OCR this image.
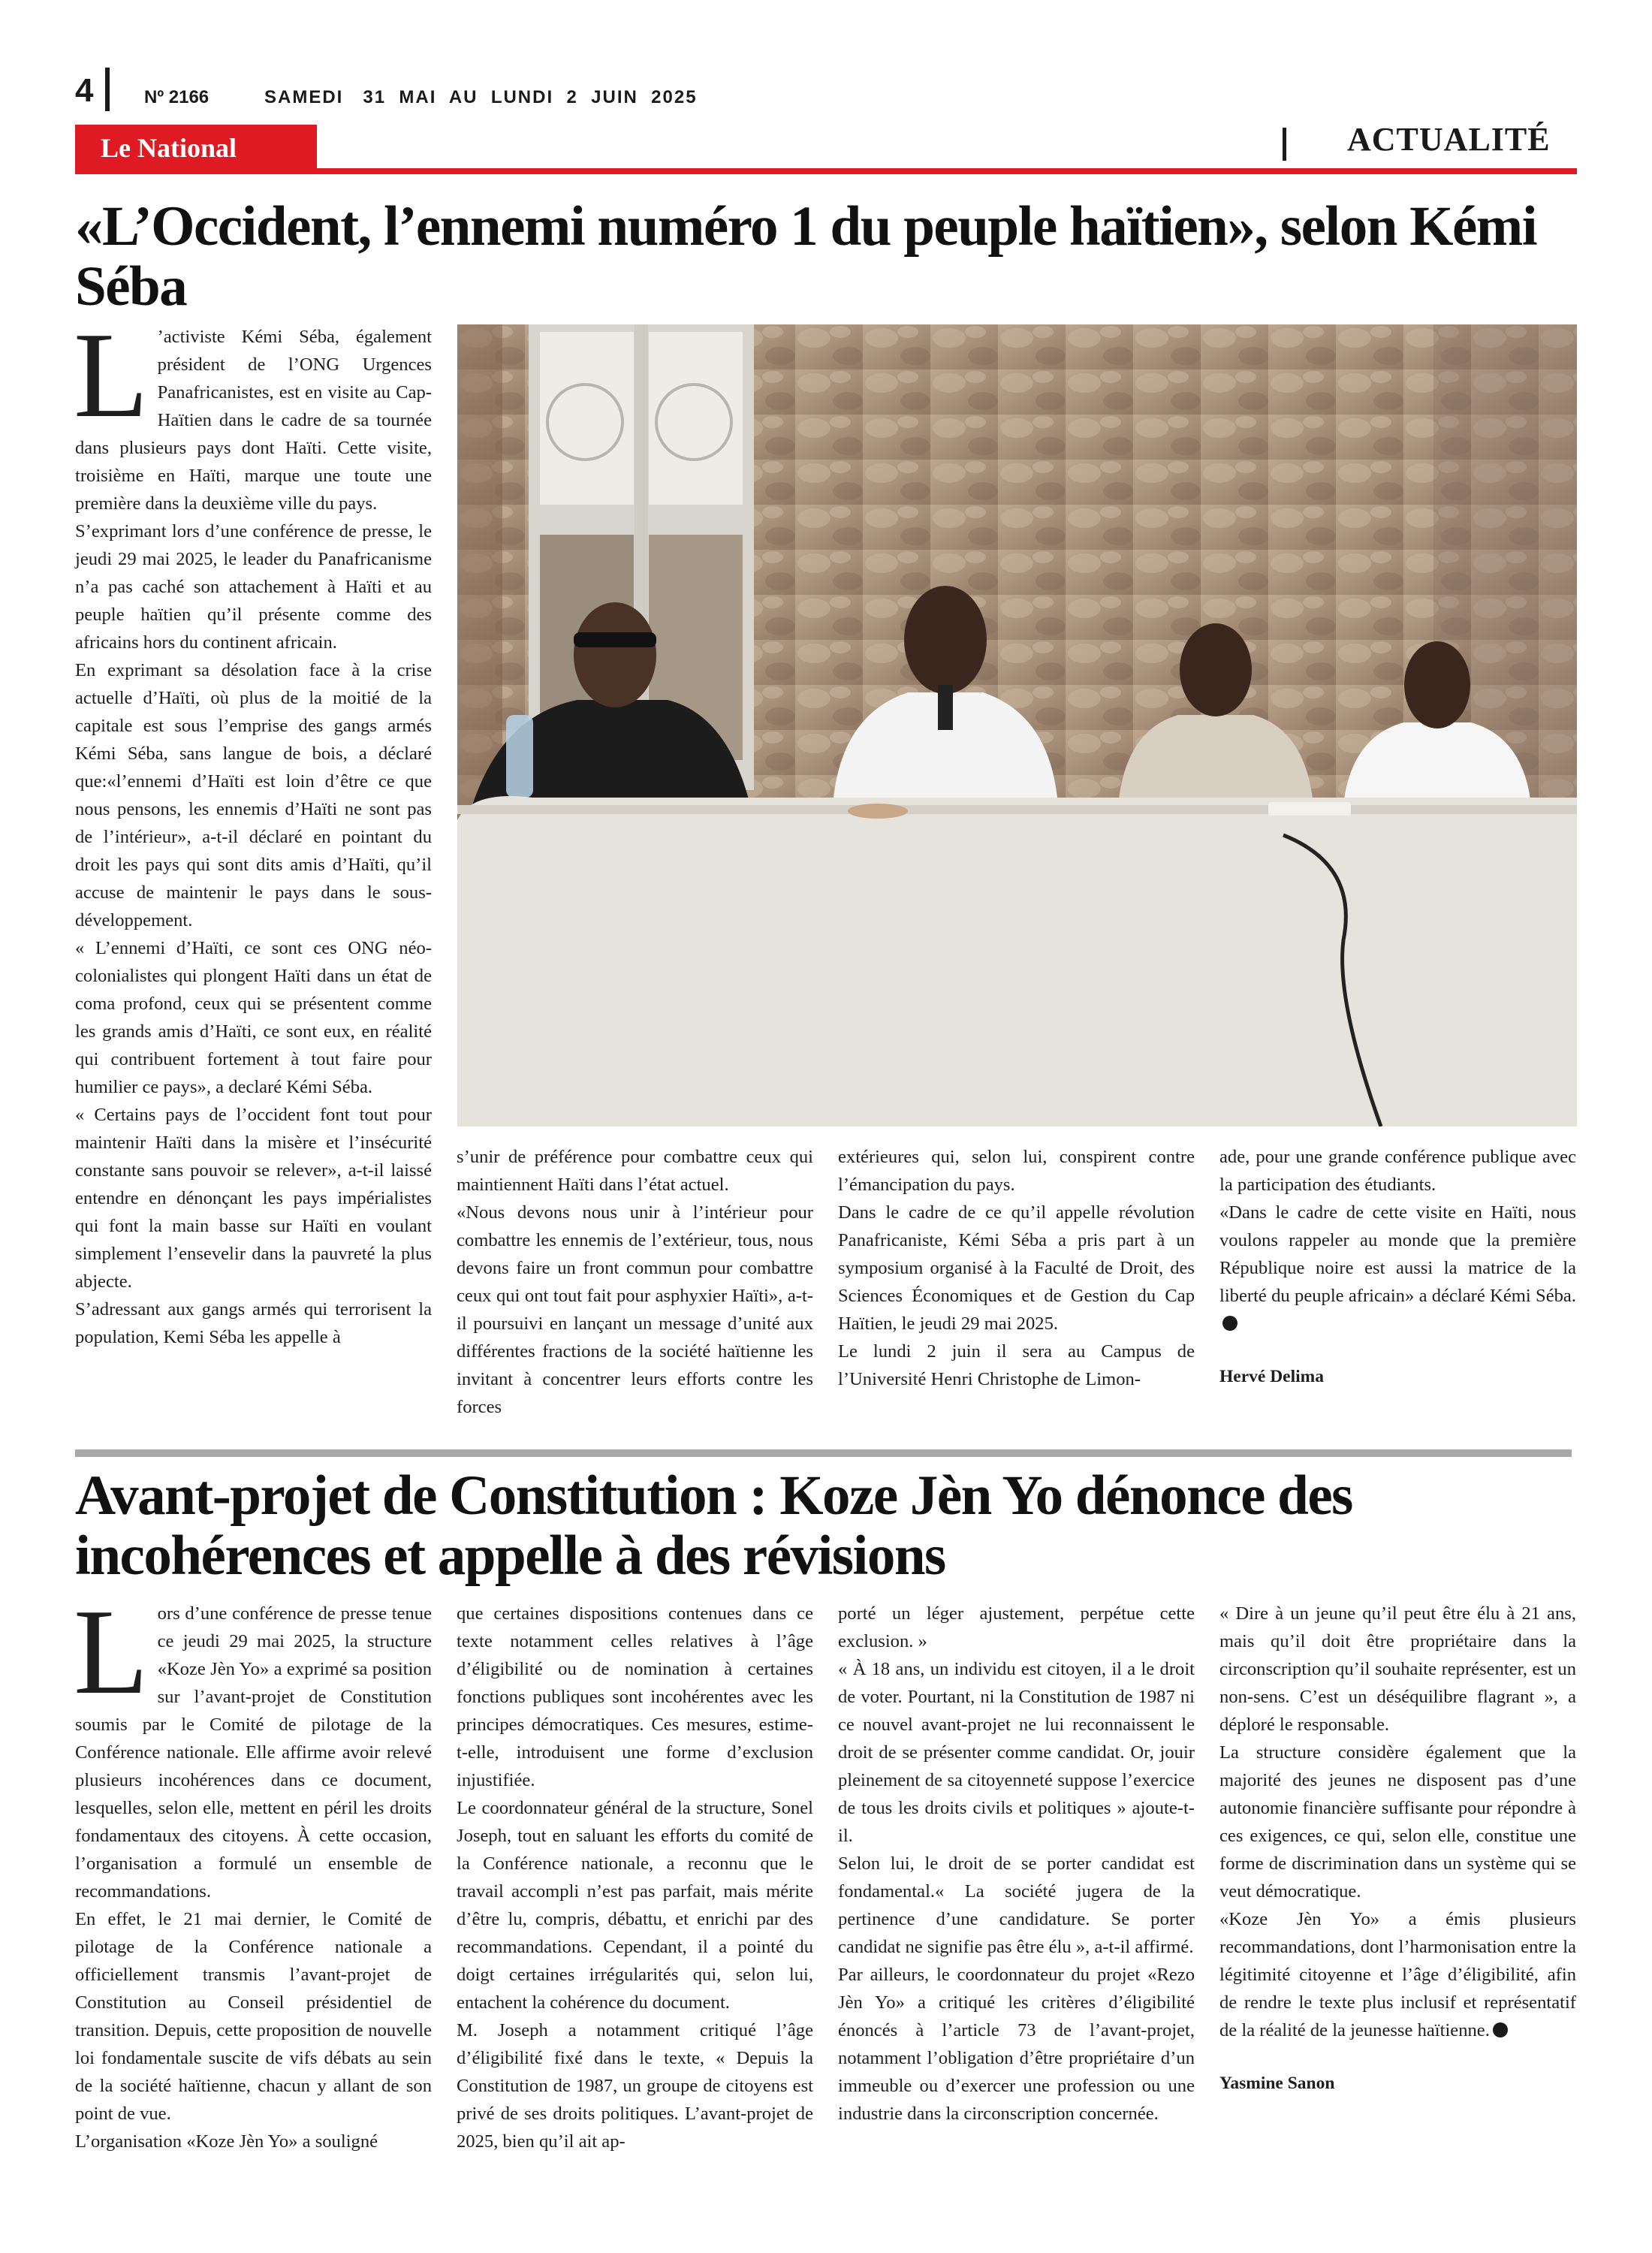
4	Nº 2166	SAMEDI   31  MAI  AU  LUNDI  2  JUIN  2025
Le National	ACTUALITÉ
«L’Occident, l’ennemi numéro 1 du peuple haïtien», selon Kémi Séba

L ’activiste Kémi Séba, également président de l’ONG Urgences Panafricanistes, est en visite au Cap-Haïtien dans le cadre de sa tournée dans plusieurs pays dont Haïti. Cette visite, troisième en Haïti, marque une toute une première dans la deuxième ville du pays.

S’exprimant lors d’une conférence de presse, le jeudi 29 mai 2025, le leader du Panafricanisme n’a pas caché son attachement à Haïti et au peuple haïtien qu’il présente comme des africains hors du continent africain.

En exprimant sa désolation face à la crise actuelle d’Haïti, où plus de la moitié de la capitale est sous l’emprise des gangs armés Kémi Séba, sans langue de bois, a déclaré que:«l’ennemi d’Haïti est loin d’être ce que nous pensons, les ennemis d’Haïti ne sont pas de l’intérieur», a-t-il déclaré en pointant du droit les pays qui sont dits amis d’Haïti, qu’il accuse de maintenir le pays dans le sous-développement.

« L’ennemi d’Haïti, ce sont ces ONG néo-colonialistes qui plongent Haïti dans un état de coma profond, ceux qui se présentent comme les grands amis d’Haïti, ce sont eux, en réalité qui contribuent fortement à tout faire pour humilier ce pays», a declaré Kémi Séba.

« Certains pays de l’occident font tout pour maintenir Haïti dans la misère et l’insécurité constante sans pouvoir se relever», a-t-il laissé entendre en dénonçant les pays impérialistes qui font la main basse sur Haïti en voulant simplement l’ensevelir dans la pauvreté la plus abjecte.

S’adressant aux gangs armés qui terrorisent la population, Kemi Séba les appelle à

s’unir de préférence pour combattre ceux qui maintiennent Haïti dans l’état actuel.

«Nous devons nous unir à l’intérieur pour combattre les ennemis de l’extérieur, tous, nous devons faire un front commun pour combattre ceux qui ont tout fait pour asphyxier Haïti», a-t-il poursuivi en lançant un message d’unité aux différentes fractions de la société haïtienne les invitant à concentrer leurs efforts contre les forces

extérieures qui, selon lui, conspirent contre l’émancipation du pays.

Dans le cadre de ce qu’il appelle révolution Panafricaniste, Kémi Séba a pris part à un symposium organisé à la Faculté de Droit, des Sciences Économiques et de Gestion du Cap Haïtien, le jeudi 29 mai 2025.

Le lundi 2 juin il sera au Campus de l’Université Henri Christophe de Limon-

ade, pour une grande conférence publique avec la participation des étudiants.

«Dans le cadre de cette visite en Haïti, nous voulons rappeler au monde que la première République noire est aussi la matrice de la liberté du peuple africain» a déclaré Kémi Séba.

Hervé Delima

Avant-projet de Constitution : Koze Jèn Yo dénonce des incohérences et appelle à des révisions

Lors d’une conférence de presse tenue ce jeudi 29 mai 2025, la structure «Koze Jèn Yo» a exprimé sa position sur l’avant-projet de Constitution soumis par le Comité de pilotage de la Conférence nationale. Elle affirme avoir relevé plusieurs incohérences dans ce document, lesquelles, selon elle, mettent en péril les droits fondamentaux des citoyens. À cette occasion, l’organisation a formulé un ensemble de recommandations.

En effet, le 21 mai dernier, le Comité de pilotage de la Conférence nationale a officiellement transmis l’avant-projet de Constitution au Conseil présidentiel de transition. Depuis, cette proposition de nouvelle loi fondamentale suscite de vifs débats au sein de la société haïtienne, chacun y allant de son point de vue.

L’organisation «Koze Jèn Yo» a souligné

que certaines dispositions contenues dans ce texte notamment celles relatives à l’âge d’éligibilité ou de nomination à certaines fonctions publiques sont incohérentes avec les principes démocratiques. Ces mesures, estime-t-elle, introduisent une forme d’exclusion injustifiée.

Le coordonnateur général de la structure, Sonel Joseph, tout en saluant les efforts du comité de la Conférence nationale, a reconnu que le travail accompli n’est pas parfait, mais mérite d’être lu, compris, débattu, et enrichi par des recommandations. Cependant, il a pointé du doigt certaines irrégularités qui, selon lui, entachent la cohérence du document.

M. Joseph a notamment critiqué l’âge d’éligibilité fixé dans le texte, « Depuis la Constitution de 1987, un groupe de citoyens est privé de ses droits politiques. L’avant-projet de 2025, bien qu’il ait ap-

porté un léger ajustement, perpétue cette exclusion. »

« À 18 ans, un individu est citoyen, il a le droit de voter. Pourtant, ni la Constitution de 1987 ni ce nouvel avant-projet ne lui reconnaissent le droit de se présenter comme candidat. Or, jouir pleinement de sa citoyenneté suppose l’exercice de tous les droits civils et politiques » ajoute-t-il.

Selon lui, le droit de se porter candidat est fondamental.« La société jugera de la pertinence d’une candidature. Se porter candidat ne signifie pas être élu », a-t-il affirmé.

Par ailleurs, le coordonnateur du projet «Rezo Jèn Yo» a critiqué les critères d’éligibilité énoncés à l’article 73 de l’avant-projet, notamment l’obligation d’être propriétaire d’un immeuble ou d’exercer une profession ou une industrie dans la circonscription concernée.

« Dire à un jeune qu’il peut être élu à 21 ans, mais qu’il doit être propriétaire dans la circonscription qu’il souhaite représenter, est un non-sens. C’est un déséquilibre flagrant », a déploré le responsable.

La structure considère également que la majorité des jeunes ne disposent pas d’une autonomie financière suffisante pour répondre à ces exigences, ce qui, selon elle, constitue une forme de discrimination dans un système qui se veut démocratique.

«Koze Jèn Yo» a émis plusieurs recommandations, dont l’harmonisation entre la légitimité citoyenne et l’âge d’éligibilité, afin de rendre le texte plus inclusif et représentatif de la réalité de la jeunesse haïtienne.

Yasmine Sanon
